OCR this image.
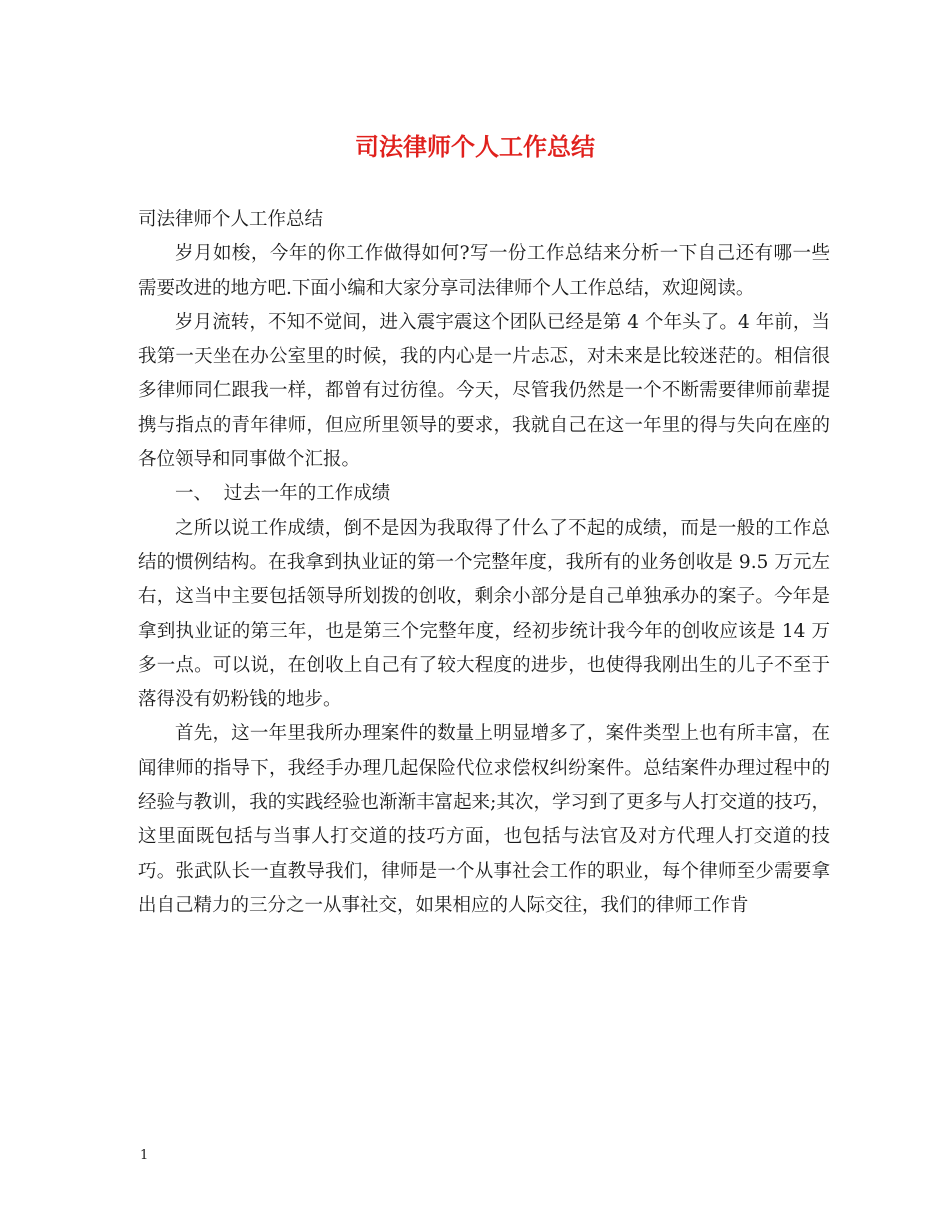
司法律师个人工作总结

司法律师个人工作总结

岁月如梭，今年的你工作做得如何?写一份工作总结来分析一下自己还有哪一些需要改进的地方吧.下面小编和大家分享司法律师个人工作总结，欢迎阅读。

岁月流转，不知不觉间，进入震宇震这个团队已经是第 4 个年头了。4 年前，当我第一天坐在办公室里的时候，我的内心是一片忐忑，对未来是比较迷茫的。相信很多律师同仁跟我一样，都曾有过彷徨。今天，尽管我仍然是一个不断需要律师前辈提携与指点的青年律师，但应所里领导的要求，我就自己在这一年里的得与失向在座的各位领导和同事做个汇报。

一、  过去一年的工作成绩

之所以说工作成绩，倒不是因为我取得了什么了不起的成绩，而是一般的工作总结的惯例结构。在我拿到执业证的第一个完整年度，我所有的业务创收是 9.5 万元左右，这当中主要包括领导所划拨的创收，剩余小部分是自己单独承办的案子。今年是拿到执业证的第三年，也是第三个完整年度，经初步统计我今年的创收应该是 14 万多一点。可以说，在创收上自己有了较大程度的进步，也使得我刚出生的儿子不至于落得没有奶粉钱的地步。

首先，这一年里我所办理案件的数量上明显增多了，案件类型上也有所丰富，在闻律师的指导下，我经手办理几起保险代位求偿权纠纷案件。总结案件办理过程中的经验与教训，我的实践经验也渐渐丰富起来;其次，学习到了更多与人打交道的技巧，这里面既包括与当事人打交道的技巧方面，也包括与法官及对方代理人打交道的技巧。张武队长一直教导我们，律师是一个从事社会工作的职业，每个律师至少需要拿出自己精力的三分之一从事社交，如果相应的人际交往，我们的律师工作肯

1
